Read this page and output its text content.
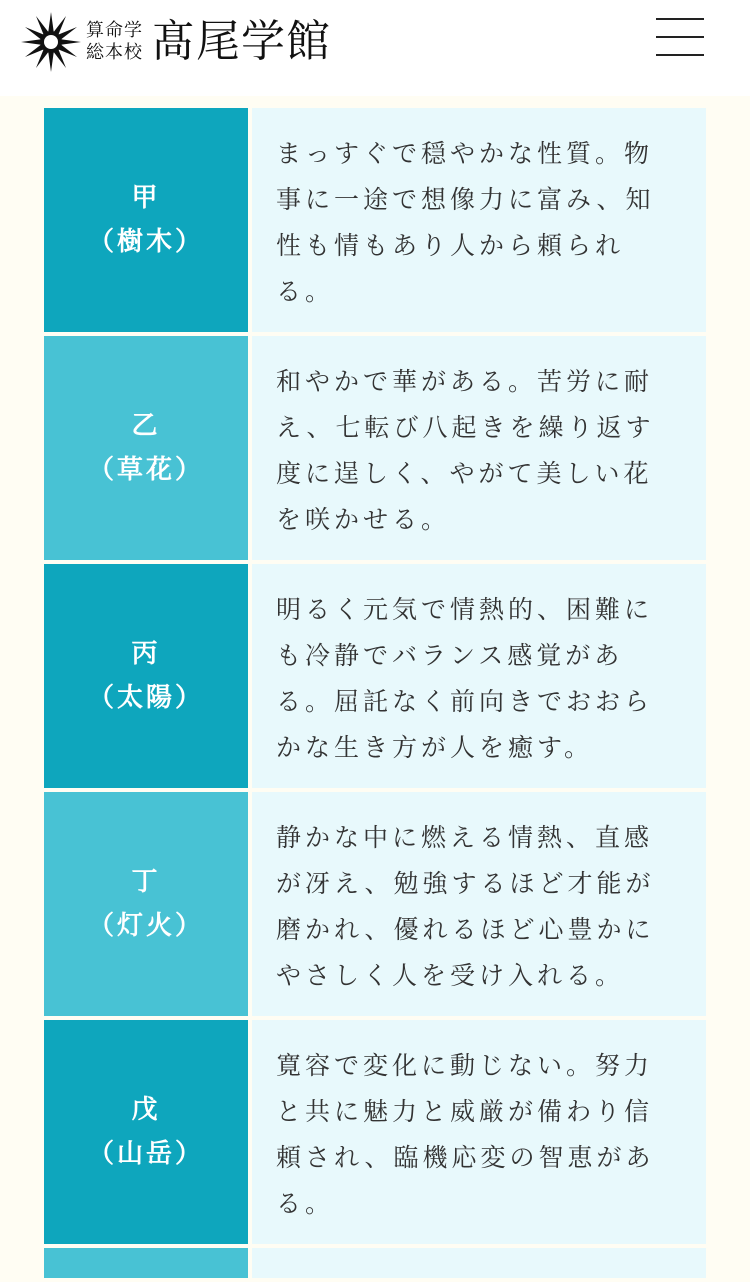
算命学
総本校 髙尾学館
甲
（樹木）
まっすぐで穏やかな性質。物事に一途で想像力に富み、知性も情もあり人から頼られる。
乙
（草花）
和やかで華がある。苦労に耐え、七転び八起きを繰り返す度に逞しく、やがて美しい花を咲かせる。
丙
（太陽）
明るく元気で情熱的、困難にも冷静でバランス感覚がある。屈託なく前向きでおおらかな生き方が人を癒す。
丁
（灯火）
静かな中に燃える情熱、直感が冴え、勉強するほど才能が磨かれ、優れるほど心豊かにやさしく人を受け入れる。
戊
（山岳）
寛容で変化に動じない。努力と共に魅力と威厳が備わり信頼され、臨機応変の智恵がある。
